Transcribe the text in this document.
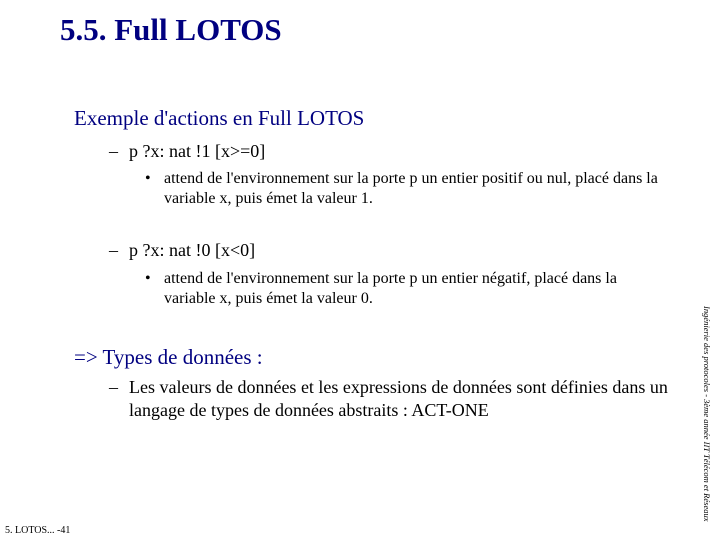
5.5. Full LOTOS
Exemple d'actions en Full LOTOS
– p ?x: nat !1 [x>=0]
• attend de l'environnement sur la porte p un entier positif ou nul, placé dans la variable x, puis émet la valeur 1.
– p ?x: nat !0 [x<0]
• attend de l'environnement sur la porte p un entier négatif, placé dans la variable x, puis émet la valeur 0.
=> Types de données :
– Les valeurs de données et les expressions de données sont définies dans un langage de types de données abstraits : ACT-ONE
5. LOTOS... -41
Ingénierie des protocoles - 3ème année IIT Télécom et Réseaux
